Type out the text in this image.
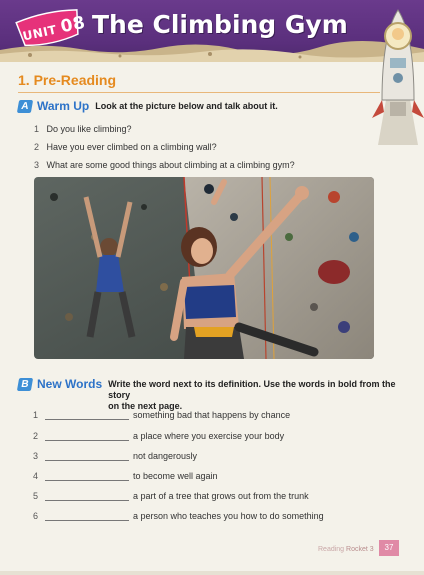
UNIT 08 The Climbing Gym
1. Pre-Reading
A Warm Up Look at the picture below and talk about it.
1 Do you like climbing?
2 Have you ever climbed on a climbing wall?
3 What are some good things about climbing at a climbing gym?
B New Words Write the word next to its definition. Use the words in bold from the story
on the next page.
1	something bad that happens by chance
2	a place where you exercise your body
3	not dangerously
4	to become well again
5	a part of a tree that grows out from the trunk
6	a person who teaches you how to do something
Reading Rocket 3	37
